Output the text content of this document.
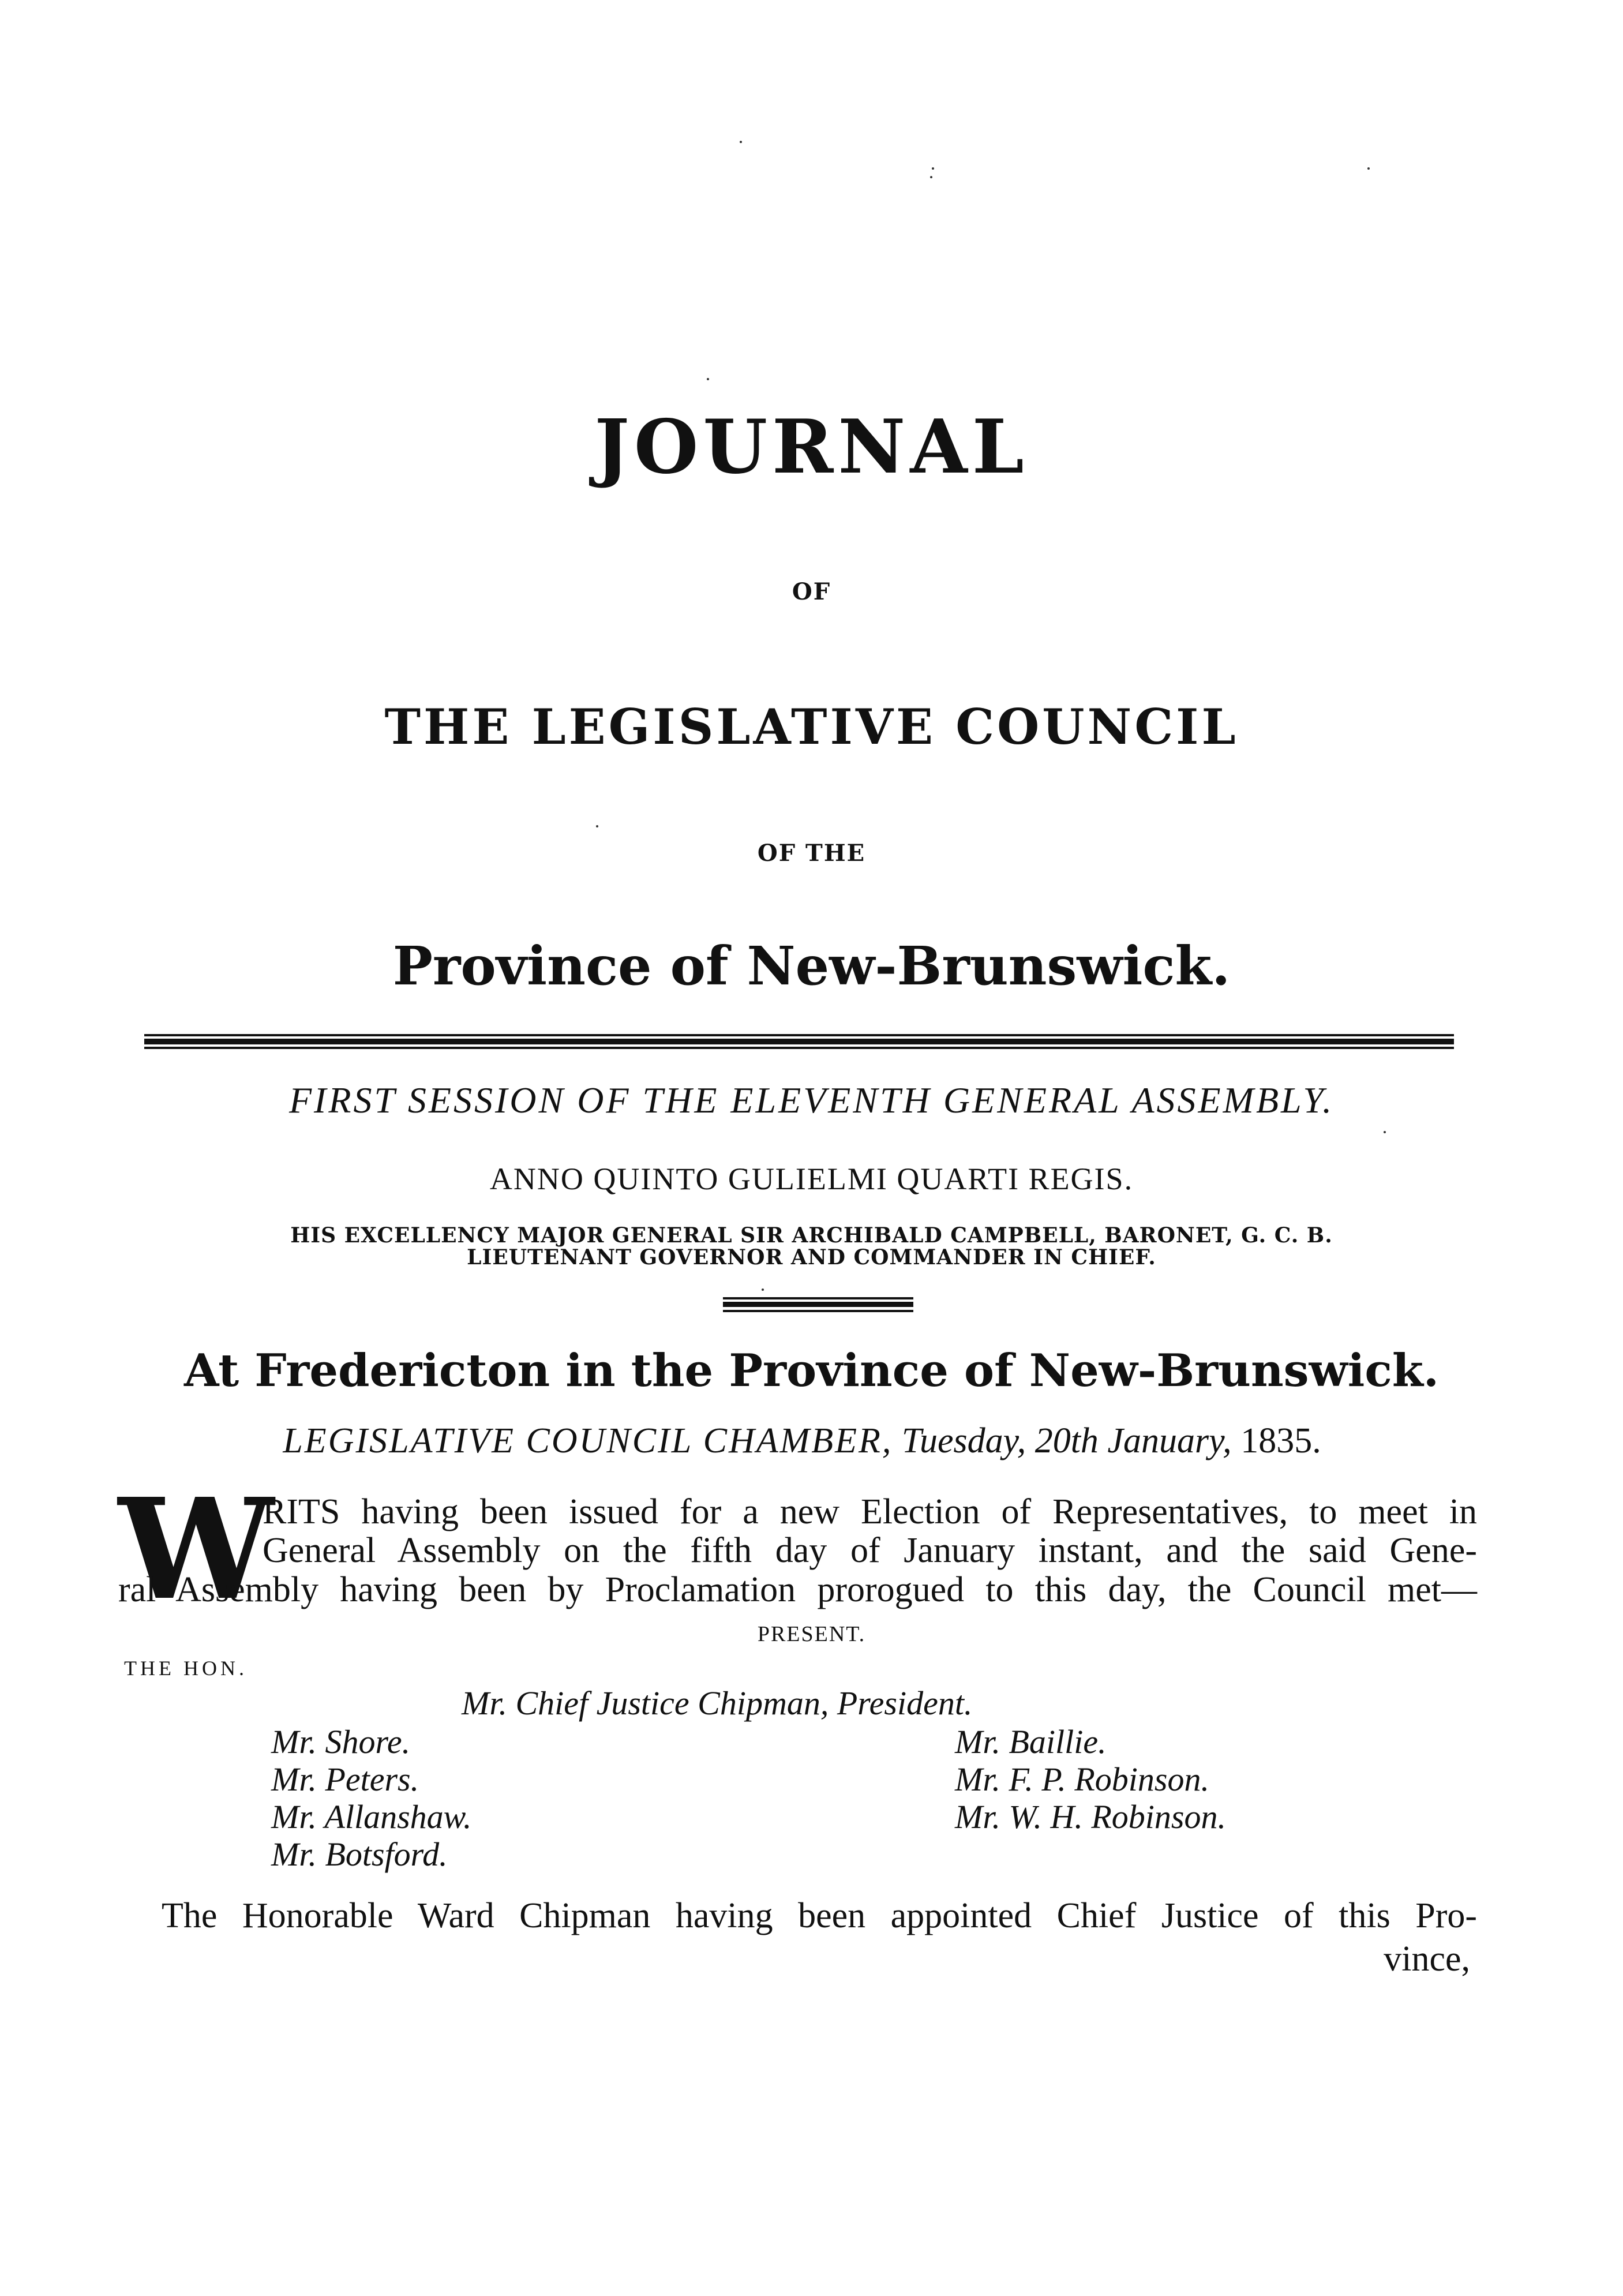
JOURNAL
OF
THE LEGISLATIVE COUNCIL
OF THE
Province of New-Brunswick.
FIRST SESSION OF THE ELEVENTH GENERAL ASSEMBLY.
ANNO QUINTO GULIELMI QUARTI REGIS.
HIS EXCELLENCY MAJOR GENERAL SIR ARCHIBALD CAMPBELL, BARONET, G. C. B.
LIEUTENANT GOVERNOR AND COMMANDER IN CHIEF.
At Fredericton in the Province of New-Brunswick.
LEGISLATIVE COUNCIL CHAMBER, Tuesday, 20th January, 1835.
W
RITS having been issued for a new Election of Representatives, to meet in
General Assembly on the fifth day of January instant, and the said Gene-
ral Assembly having been by Proclamation prorogued to this day, the Council met—
PRESENT.
THE HON.
Mr. Chief Justice Chipman, President.
Mr. Shore.
Mr. Peters.
Mr. Allanshaw.
Mr. Botsford.
Mr. Baillie.
Mr. F. P. Robinson.
Mr. W. H. Robinson.
The Honorable Ward Chipman having been appointed Chief Justice of this Pro-
vince,
